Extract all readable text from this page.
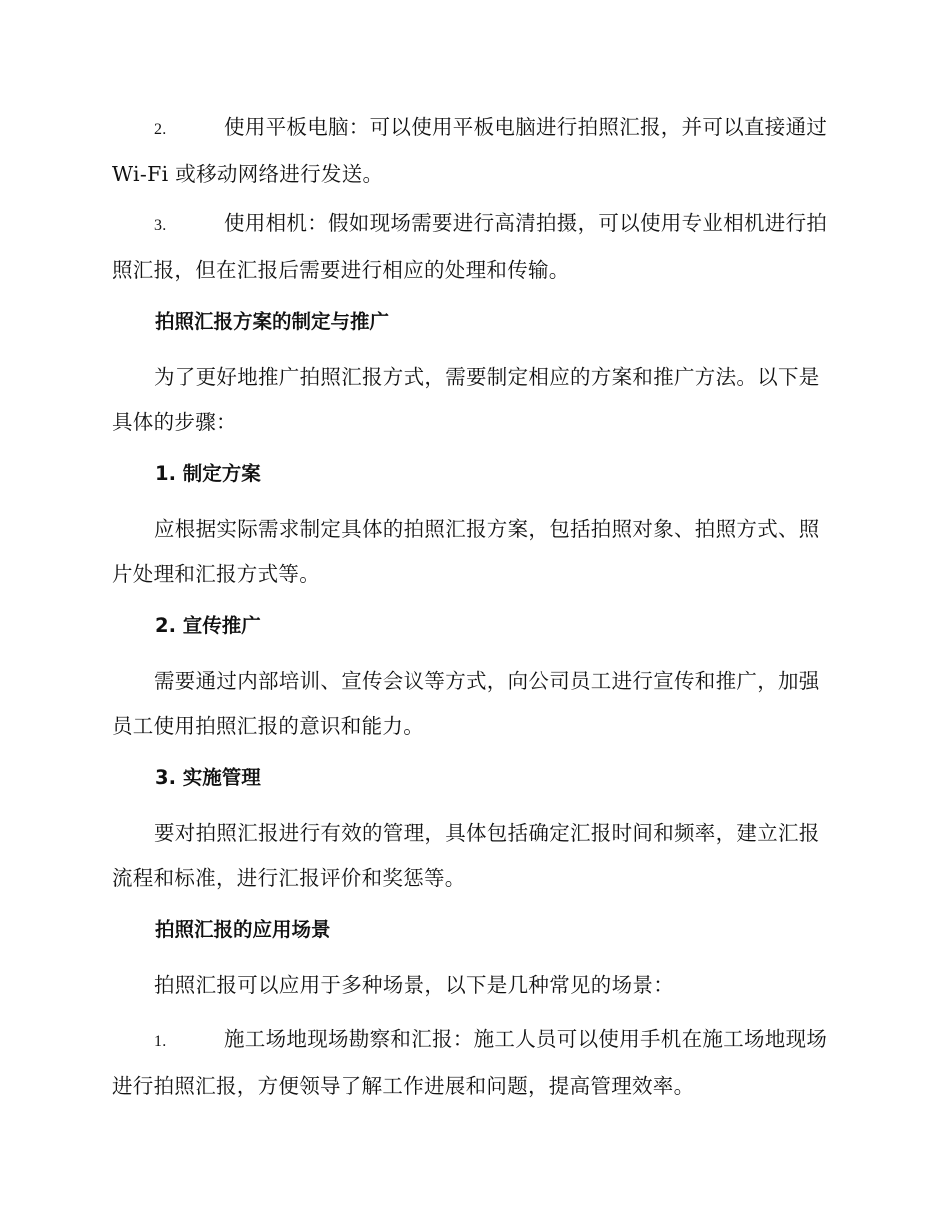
2.	使用平板电脑：可以使用平板电脑进行拍照汇报，并可以直接通过 Wi-Fi 或移动网络进行发送。

3.	使用相机：假如现场需要进行高清拍摄，可以使用专业相机进行拍照汇报，但在汇报后需要进行相应的处理和传输。

拍照汇报方案的制定与推广

为了更好地推广拍照汇报方式，需要制定相应的方案和推广方法。以下是具体的步骤：

1. 制定方案

应根据实际需求制定具体的拍照汇报方案，包括拍照对象、拍照方式、照片处理和汇报方式等。

2. 宣传推广

需要通过内部培训、宣传会议等方式，向公司员工进行宣传和推广，加强员工使用拍照汇报的意识和能力。

3. 实施管理

要对拍照汇报进行有效的管理，具体包括确定汇报时间和频率，建立汇报流程和标准，进行汇报评价和奖惩等。

拍照汇报的应用场景

拍照汇报可以应用于多种场景，以下是几种常见的场景：

1.	施工场地现场勘察和汇报：施工人员可以使用手机在施工场地现场进行拍照汇报，方便领导了解工作进展和问题，提高管理效率。
